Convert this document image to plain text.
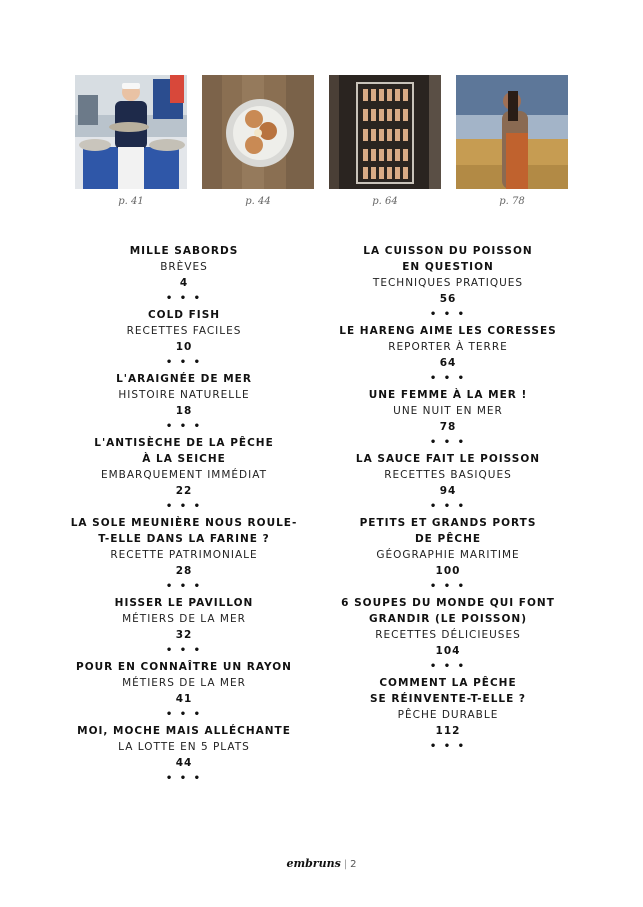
p. 41	p. 44	p. 64	p. 78
MILLE SABORDS
BRÈVES
4
• • •
COLD FISH
RECETTES FACILES
10
• • •
L'ARAIGNÉE DE MER
HISTOIRE NATURELLE
18
• • •
L'ANTISÈCHE DE LA PÊCHE
À LA SEICHE
EMBARQUEMENT IMMÉDIAT
22
• • •
LA SOLE MEUNIÈRE NOUS ROULE-
T-ELLE DANS LA FARINE ?
RECETTE PATRIMONIALE
28
• • •
HISSER LE PAVILLON
MÉTIERS DE LA MER
32
• • •
POUR EN CONNAÎTRE UN RAYON
MÉTIERS DE LA MER
41
• • •
MOI, MOCHE MAIS ALLÉCHANTE
LA LOTTE EN 5 PLATS
44
• • •
LA CUISSON DU POISSON
EN QUESTION
TECHNIQUES PRATIQUES
56
• • •
LE HARENG AIME LES CORESSES
REPORTER À TERRE
64
• • •
UNE FEMME À LA MER !
UNE NUIT EN MER
78
• • •
LA SAUCE FAIT LE POISSON
RECETTES BASIQUES
94
• • •
PETITS ET GRANDS PORTS
DE PÊCHE
GÉOGRAPHIE MARITIME
100
• • •
6 SOUPES DU MONDE QUI FONT
GRANDIR (LE POISSON)
RECETTES DÉLICIEUSES
104
• • •
COMMENT LA PÊCHE
SE RÉINVENTE-T-ELLE ?
PÊCHE DURABLE
112
• • •
embruns | 2
